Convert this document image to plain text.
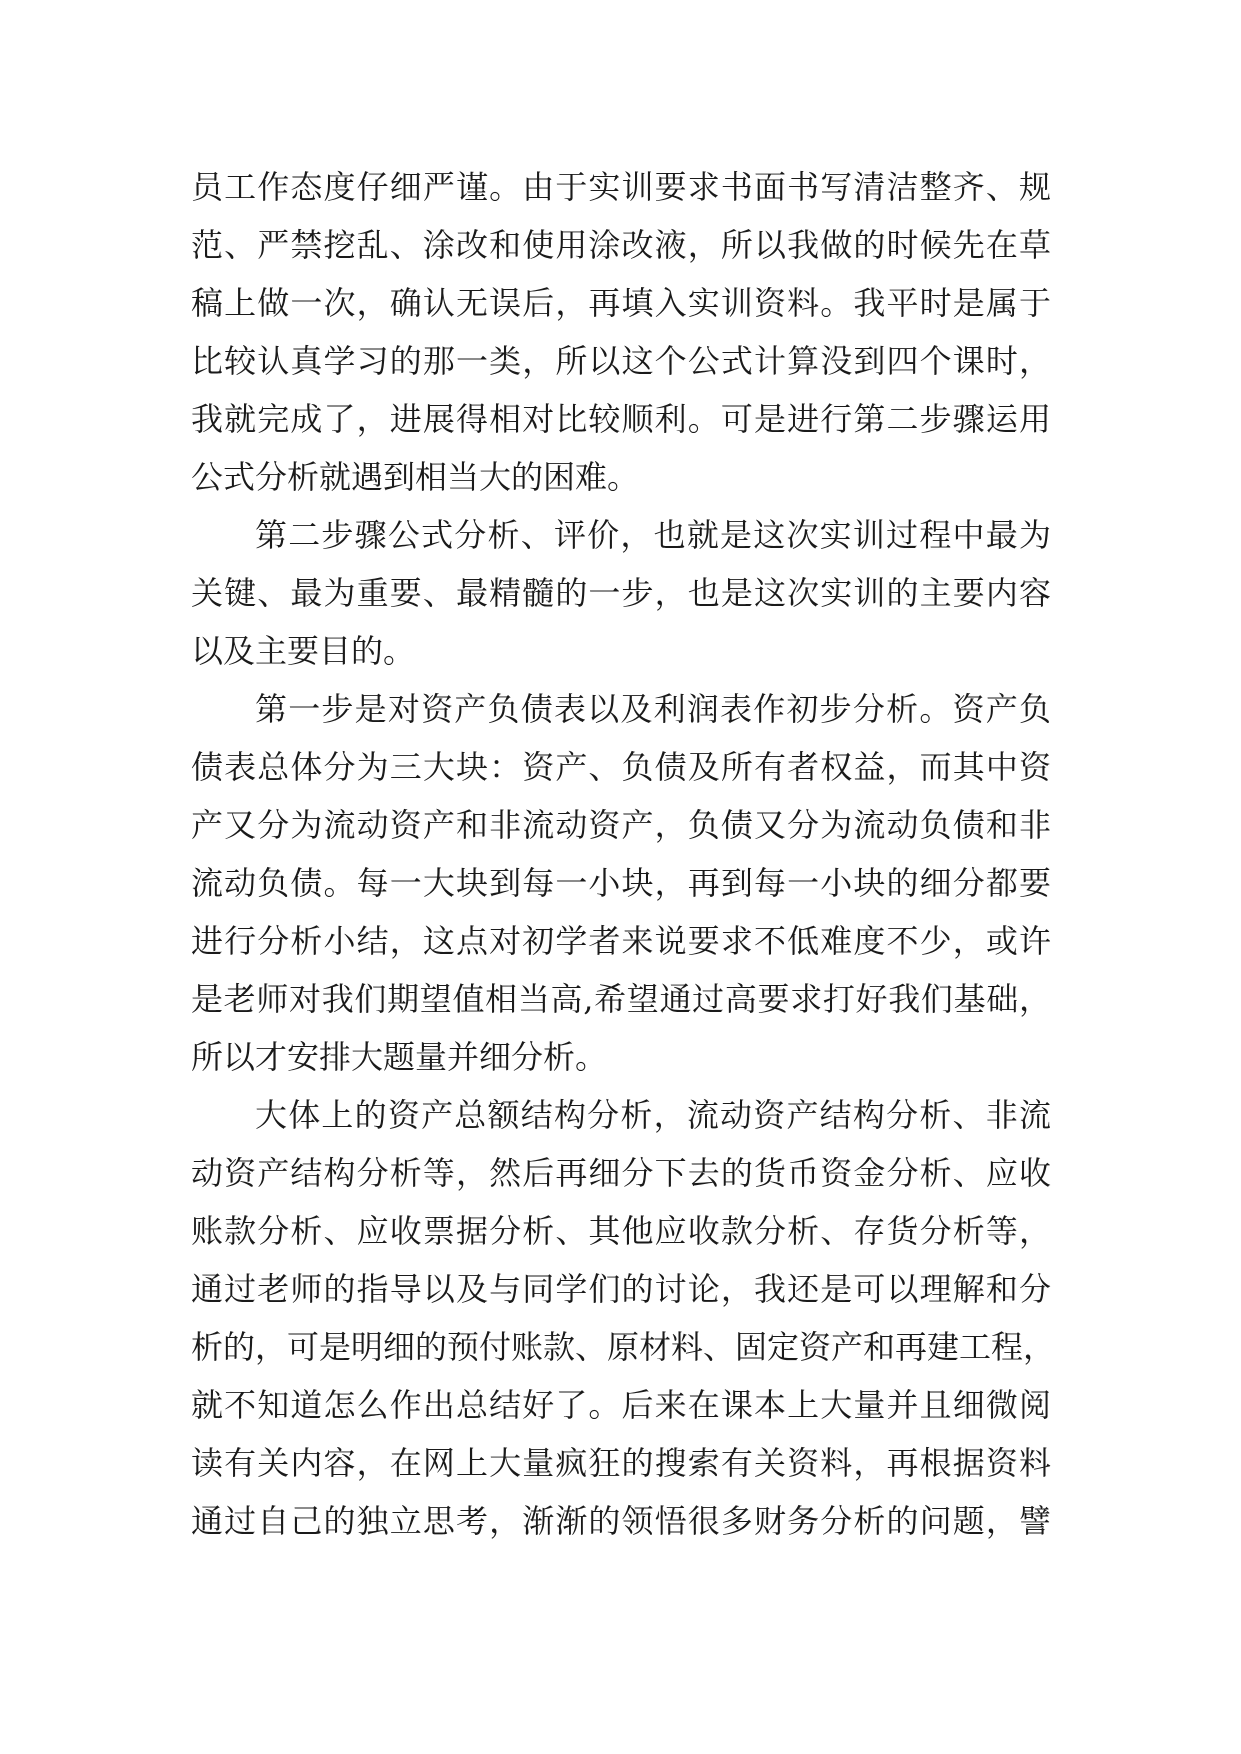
员工作态度仔细严谨。由于实训要求书面书写清洁整齐、规
范、严禁挖乱、涂改和使用涂改液，所以我做的时候先在草
稿上做一次，确认无误后，再填入实训资料。我平时是属于
比较认真学习的那一类，所以这个公式计算没到四个课时，
我就完成了，进展得相对比较顺利。可是进行第二步骤运用
公式分析就遇到相当大的困难。
第二步骤公式分析、评价，也就是这次实训过程中最为
关键、最为重要、最精髓的一步，也是这次实训的主要内容
以及主要目的。
第一步是对资产负债表以及利润表作初步分析。资产负
债表总体分为三大块：资产、负债及所有者权益，而其中资
产又分为流动资产和非流动资产，负债又分为流动负债和非
流动负债。每一大块到每一小块，再到每一小块的细分都要
进行分析小结，这点对初学者来说要求不低难度不少，或许
是老师对我们期望值相当高,希望通过高要求打好我们基础，
所以才安排大题量并细分析。
大体上的资产总额结构分析，流动资产结构分析、非流
动资产结构分析等，然后再细分下去的货币资金分析、应收
账款分析、应收票据分析、其他应收款分析、存货分析等，
通过老师的指导以及与同学们的讨论，我还是可以理解和分
析的，可是明细的预付账款、原材料、固定资产和再建工程，
就不知道怎么作出总结好了。后来在课本上大量并且细微阅
读有关内容，在网上大量疯狂的搜索有关资料，再根据资料
通过自己的独立思考，渐渐的领悟很多财务分析的问题，譬
